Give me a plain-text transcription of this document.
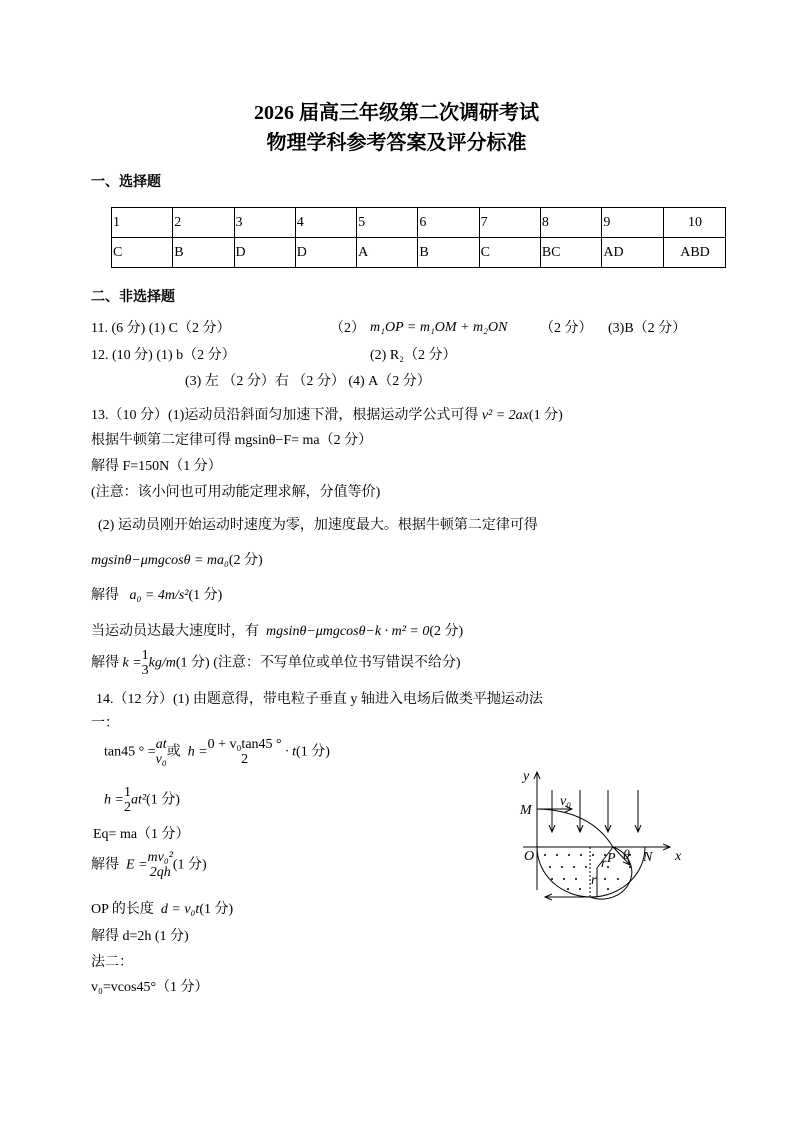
2026 届高三年级第二次调研考试
物理学科参考答案及评分标准
一、选择题
1	2	3	4	5	6	7	8	9	10
C	B	D	D	A	B	C	BC	AD	ABD
二、非选择题
11. (6 分) (1) C（2 分）	（2） m₁OP = m₁OM + m₂ON （2 分） (3)B（2 分）
12. (10 分) (1) b（2 分）	(2) R₂（2 分）
(3) 左 （2 分）右 （2 分） (4) A（2 分）
13.（10 分）(1)运动员沿斜面匀加速下滑，根据运动学公式可得 v² = 2ax(1 分)
根据牛顿第二定律可得 mgsinθ−F= ma（2 分）
解得 F=150N（1 分）
(注意：该小问也可用动能定理求解，分值等价)
(2) 运动员刚开始运动时速度为零，加速度最大。根据牛顿第二定律可得
mgsinθ−μmgcosθ = ma₀(2 分)
解得 a₀ = 4m/s²(1 分)
当运动员达最大速度时，有 mgsinθ−μmgcosθ−k · m² = 0(2 分)
解得 k =
1
3
kg/m(1 分) (注意：不写单位或单位书写错误不给分)
14.（12 分）(1) 由题意得，带电粒子垂直 y 轴进入电场后做类平抛运动法
一：
tan45 ° =
at
v₀
或 h =
0 + v₀tan45 °
2
· t(1 分)
h =
1
2
at²(1 分)
Eq= ma（1 分）
解得 E =
mv₀²
2qh
(1 分)
OP 的长度 d = v₀t(1 分)
解得 d=2h (1 分)
法二：
v₀=vcos45°（1 分）
y
x
M
O	P N
v₀
θ
r
r
